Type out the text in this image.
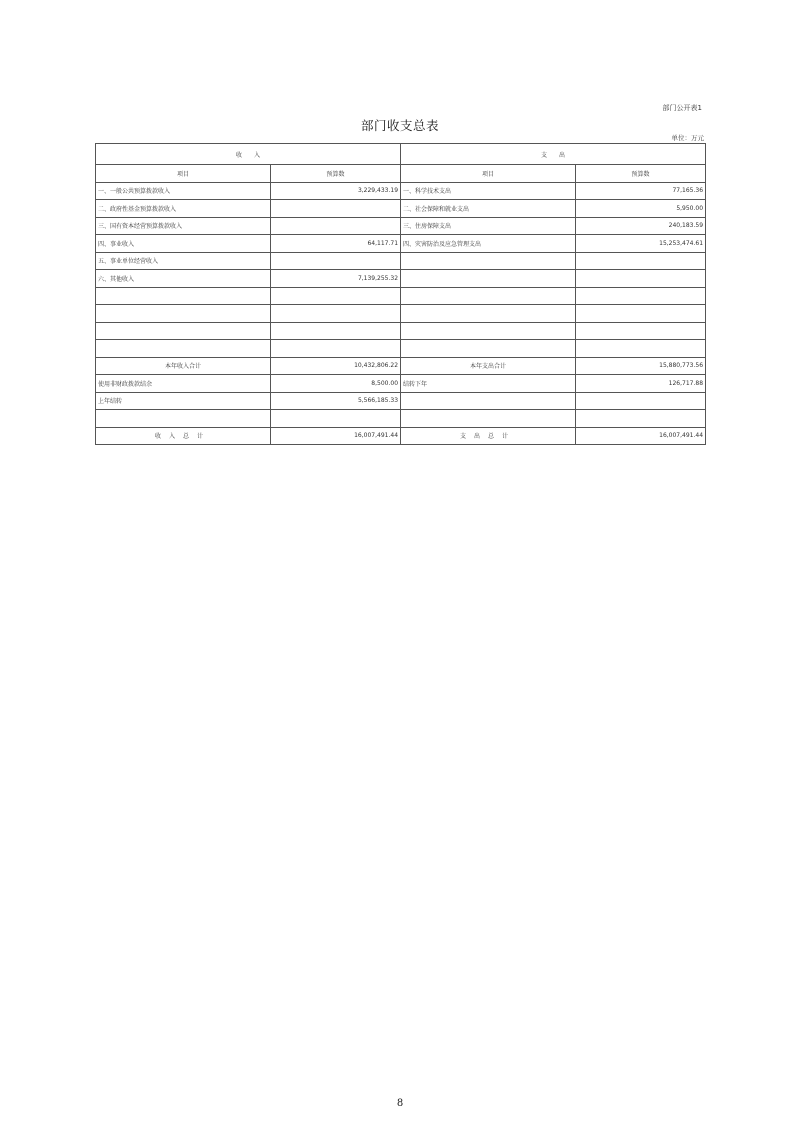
部门公开表1
部门收支总表
单位：万元
收　　入		支　　出	
项目	预算数	项目	预算数
一、一般公共预算拨款收入	3,229,433.19	一、科学技术支出	77,165.36
二、政府性基金预算拨款收入		二、社会保障和就业支出	5,950.00
三、国有资本经营预算拨款收入		三、住房保障支出	240,183.59
四、事业收入	64,117.71	四、灾害防治及应急管理支出	15,253,474.61
五、事业单位经营收入			
六、其他收入	7,139,255.32		

本年收入合计	10,432,806.22	本年支出合计	15,880,773.56
使用非财政拨款结余	8,500.00	结转下年	126,717.88
上年结转	5,566,185.33		

收入总计	16,007,491.44	支出总计	16,007,491.44
8
